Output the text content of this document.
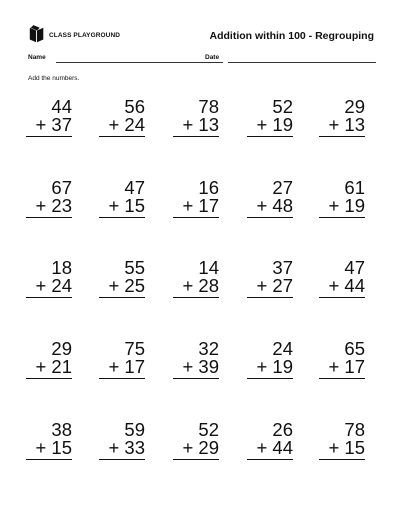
CLASS PLAYGROUND	Addition within 100 - Regrouping
Name	Date
Add the numbers.
44
+ 37
56
+ 24
78
+ 13
52
+ 19
29
+ 13
67
+ 23
47
+ 15
16
+ 17
27
+ 48
61
+ 19
18
+ 24
55
+ 25
14
+ 28
37
+ 27
47
+ 44
29
+ 21
75
+ 17
32
+ 39
24
+ 19
65
+ 17
38
+ 15
59
+ 33
52
+ 29
26
+ 44
78
+ 15
